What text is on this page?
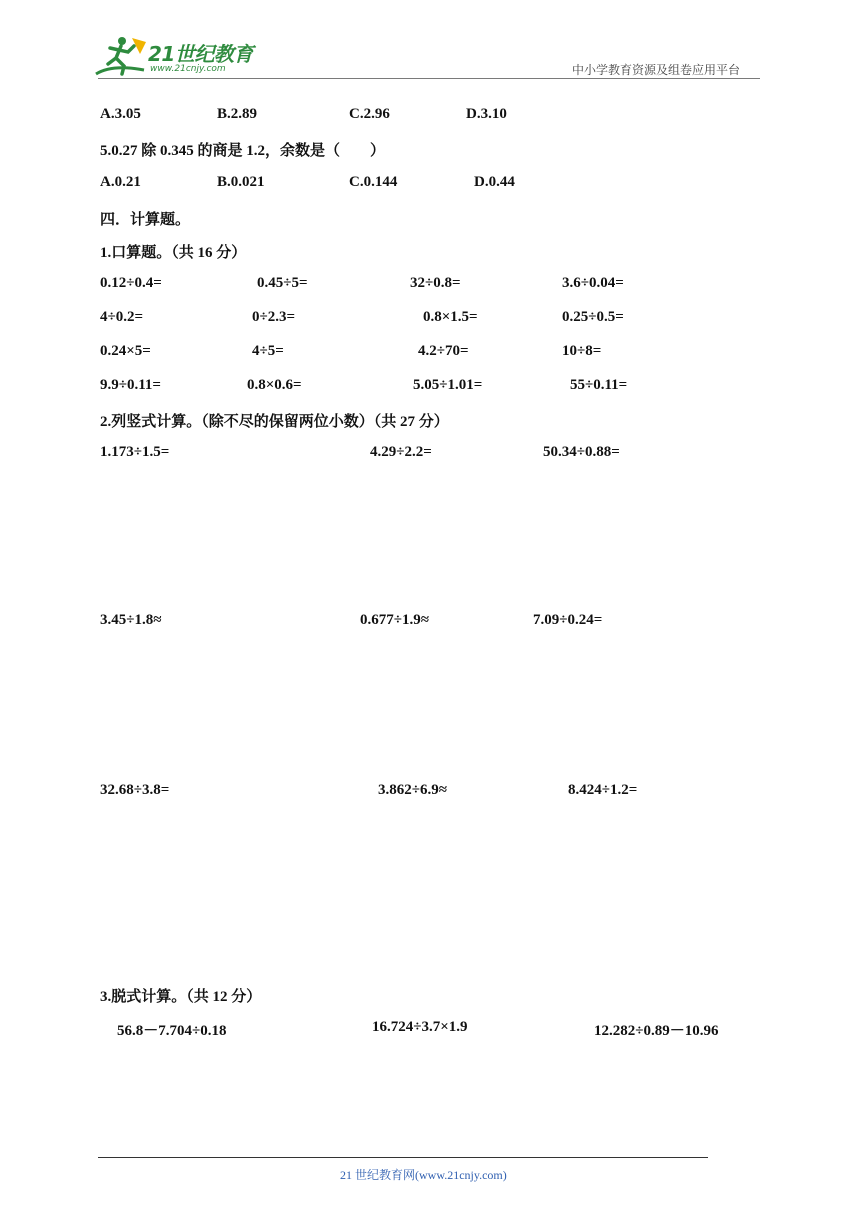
21世纪教育
www.21cnjy.com	中小学教育资源及组卷应用平台
A.3.05	B.2.89	C.2.96	D.3.10
5.0.27 除 0.345 的商是 1.2，余数是（　　）
A.0.21	B.0.021	C.0.144	D.0.44
四．计算题。
1.口算题。（共 16 分）
0.12÷0.4=	0.45÷5=	32÷0.8=	3.6÷0.04=
4÷0.2=	0÷2.3=	0.8×1.5=	0.25÷0.5=
0.24×5=	4÷5=	4.2÷70=	10÷8=
9.9÷0.11=	0.8×0.6=	5.05÷1.01=	55÷0.11=
2.列竖式计算。（除不尽的保留两位小数）（共 27 分）
1.173÷1.5=	4.29÷2.2=	50.34÷0.88=
3.45÷1.8≈	0.677÷1.9≈	7.09÷0.24=
32.68÷3.8=	3.862÷6.9≈	8.424÷1.2=
3.脱式计算。（共 12 分）
56.8－7.704÷0.18	16.724÷3.7×1.9	12.282÷0.89－10.96
21 世纪教育网(www.21cnjy.com)
